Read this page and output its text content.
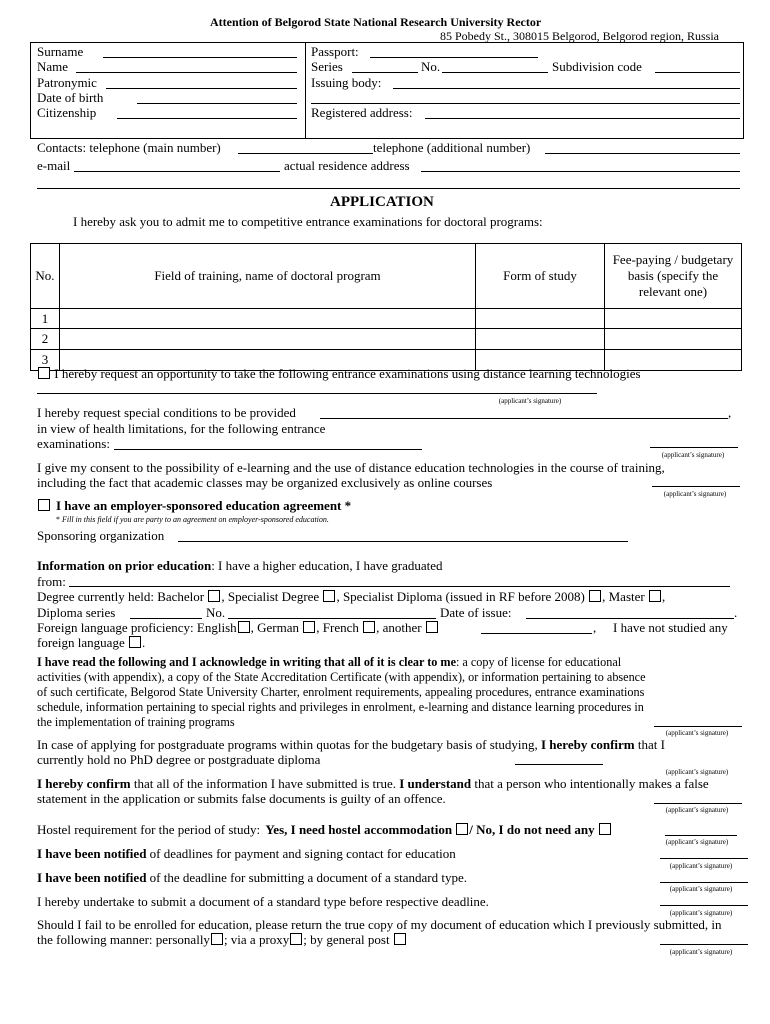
Attention of Belgorod State National Research University Rector
85 Pobedy St., 308015 Belgorod, Belgorod region, Russia
Surname
Name
Patronymic
Date of birth
Citizenship
Passport:
Series	No.	Subdivision code
Issuing body:
Registered address:
Contacts: telephone (main number)	telephone (additional number)
e-mail	actual residence address
APPLICATION
I hereby ask you to admit me to competitive entrance examinations for doctoral programs:
No.	Field of training, name of doctoral program	Form of study	Fee-paying / budgetary basis (specify the relevant one)
1			
2			
3			
I hereby request an opportunity to take the following entrance examinations using distance learning technologies
(applicant’s signature)
I hereby request special conditions to be provided	,
in view of health limitations, for the following entrance
examinations:
(applicant’s signature)
I give my consent to the possibility of e-learning and the use of distance education technologies in the course of training,
including the fact that academic classes may be organized exclusively as online courses
(applicant’s signature)
I have an employer-sponsored education agreement *
* Fill in this field if you are party to an agreement on employer-sponsored education.
Sponsoring organization
Information on prior education: I have a higher education, I have graduated
from:
Degree currently held: Bachelor , Specialist Degree , Specialist Diploma (issued in RF before 2008) , Master ,
Diploma series	No.	Date of issue:	.
Foreign language proficiency: English , German , French , another	, I have not studied any
foreign language .
I have read the following and I acknowledge in writing that all of it is clear to me: a copy of license for educational
activities (with appendix), a copy of the State Accreditation Certificate (with appendix), or information pertaining to absence
of such certificate, Belgorod State University Charter, enrolment requirements, appealing procedures, entrance examinations
schedule, information pertaining to special rights and privileges in enrolment, e-learning and distance learning procedures in
the implementation of training programs
(applicant’s signature)
In case of applying for postgraduate programs within quotas for the budgetary basis of studying, I hereby confirm that I
currently hold no PhD degree or postgraduate diploma
(applicant’s signature)
I hereby confirm that all of the information I have submitted is true. I understand that a person who intentionally makes a false
statement in the application or submits false documents is guilty of an offence.
(applicant’s signature)
Hostel requirement for the period of study: Yes, I need hostel accommodation / No, I do not need any
(applicant’s signature)
I have been notified of deadlines for payment and signing contact for education
(applicant’s signature)
I have been notified of the deadline for submitting a document of a standard type.
(applicant’s signature)
I hereby undertake to submit a document of a standard type before respective deadline.
(applicant’s signature)
Should I fail to be enrolled for education, please return the true copy of my document of education which I previously submitted, in
the following manner: personally ; via a proxy ; by general post
(applicant’s signature)
